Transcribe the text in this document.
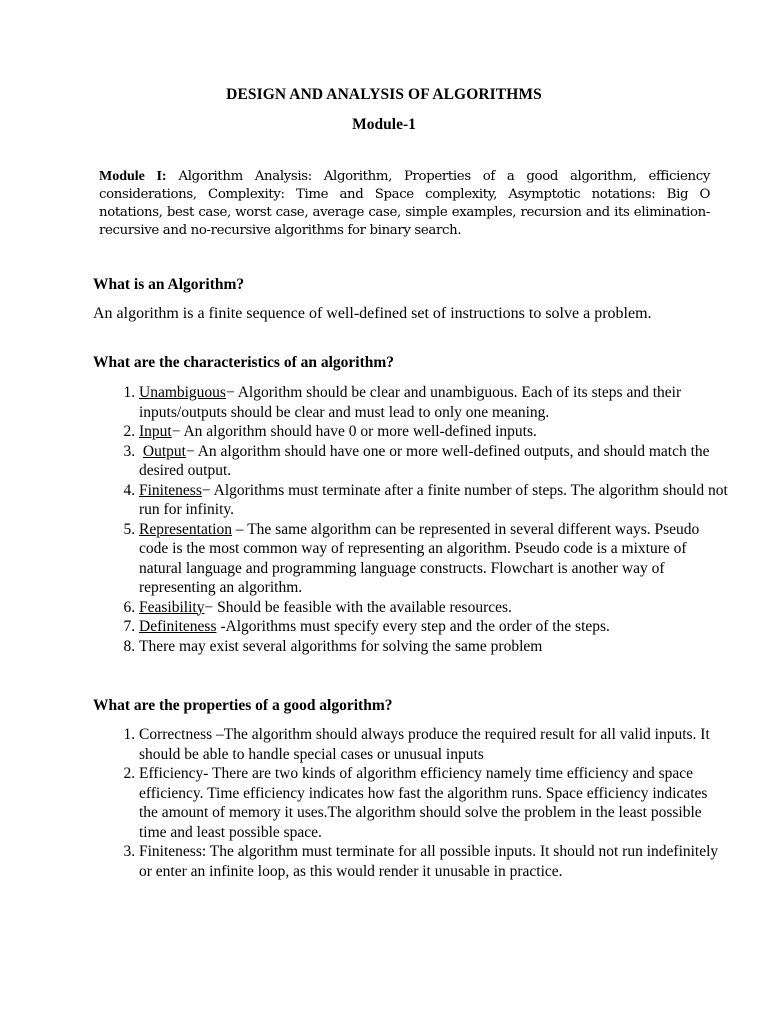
DESIGN AND ANALYSIS OF ALGORITHMS
Module-1
Module I: Algorithm Analysis: Algorithm, Properties of a good algorithm, efficiency considerations, Complexity: Time and Space complexity, Asymptotic notations: Big O notations, best case, worst case, average case, simple examples, recursion and its elimination- recursive and no-recursive algorithms for binary search.
What is an Algorithm?
An algorithm is a finite sequence of well-defined set of instructions to solve a problem.
What are the characteristics of an algorithm?
1. Unambiguous− Algorithm should be clear and unambiguous. Each of its steps and their inputs/outputs should be clear and must lead to only one meaning.
2. Input− An algorithm should have 0 or more well-defined inputs.
3. Output− An algorithm should have one or more well-defined outputs, and should match the desired output.
4. Finiteness− Algorithms must terminate after a finite number of steps. The algorithm should not run for infinity.
5. Representation – The same algorithm can be represented in several different ways. Pseudo code is the most common way of representing an algorithm. Pseudo code is a mixture of natural language and programming language constructs. Flowchart is another way of representing an algorithm.
6. Feasibility− Should be feasible with the available resources.
7. Definiteness -Algorithms must specify every step and the order of the steps.
8. There may exist several algorithms for solving the same problem
What are the properties of a good algorithm?
1. Correctness –The algorithm should always produce the required result for all valid inputs. It should be able to handle special cases or unusual inputs
2. Efficiency- There are two kinds of algorithm efficiency namely time efficiency and space efficiency. Time efficiency indicates how fast the algorithm runs. Space efficiency indicates the amount of memory it uses.The algorithm should solve the problem in the least possible time and least possible space.
3. Finiteness: The algorithm must terminate for all possible inputs. It should not run indefinitely or enter an infinite loop, as this would render it unusable in practice.
